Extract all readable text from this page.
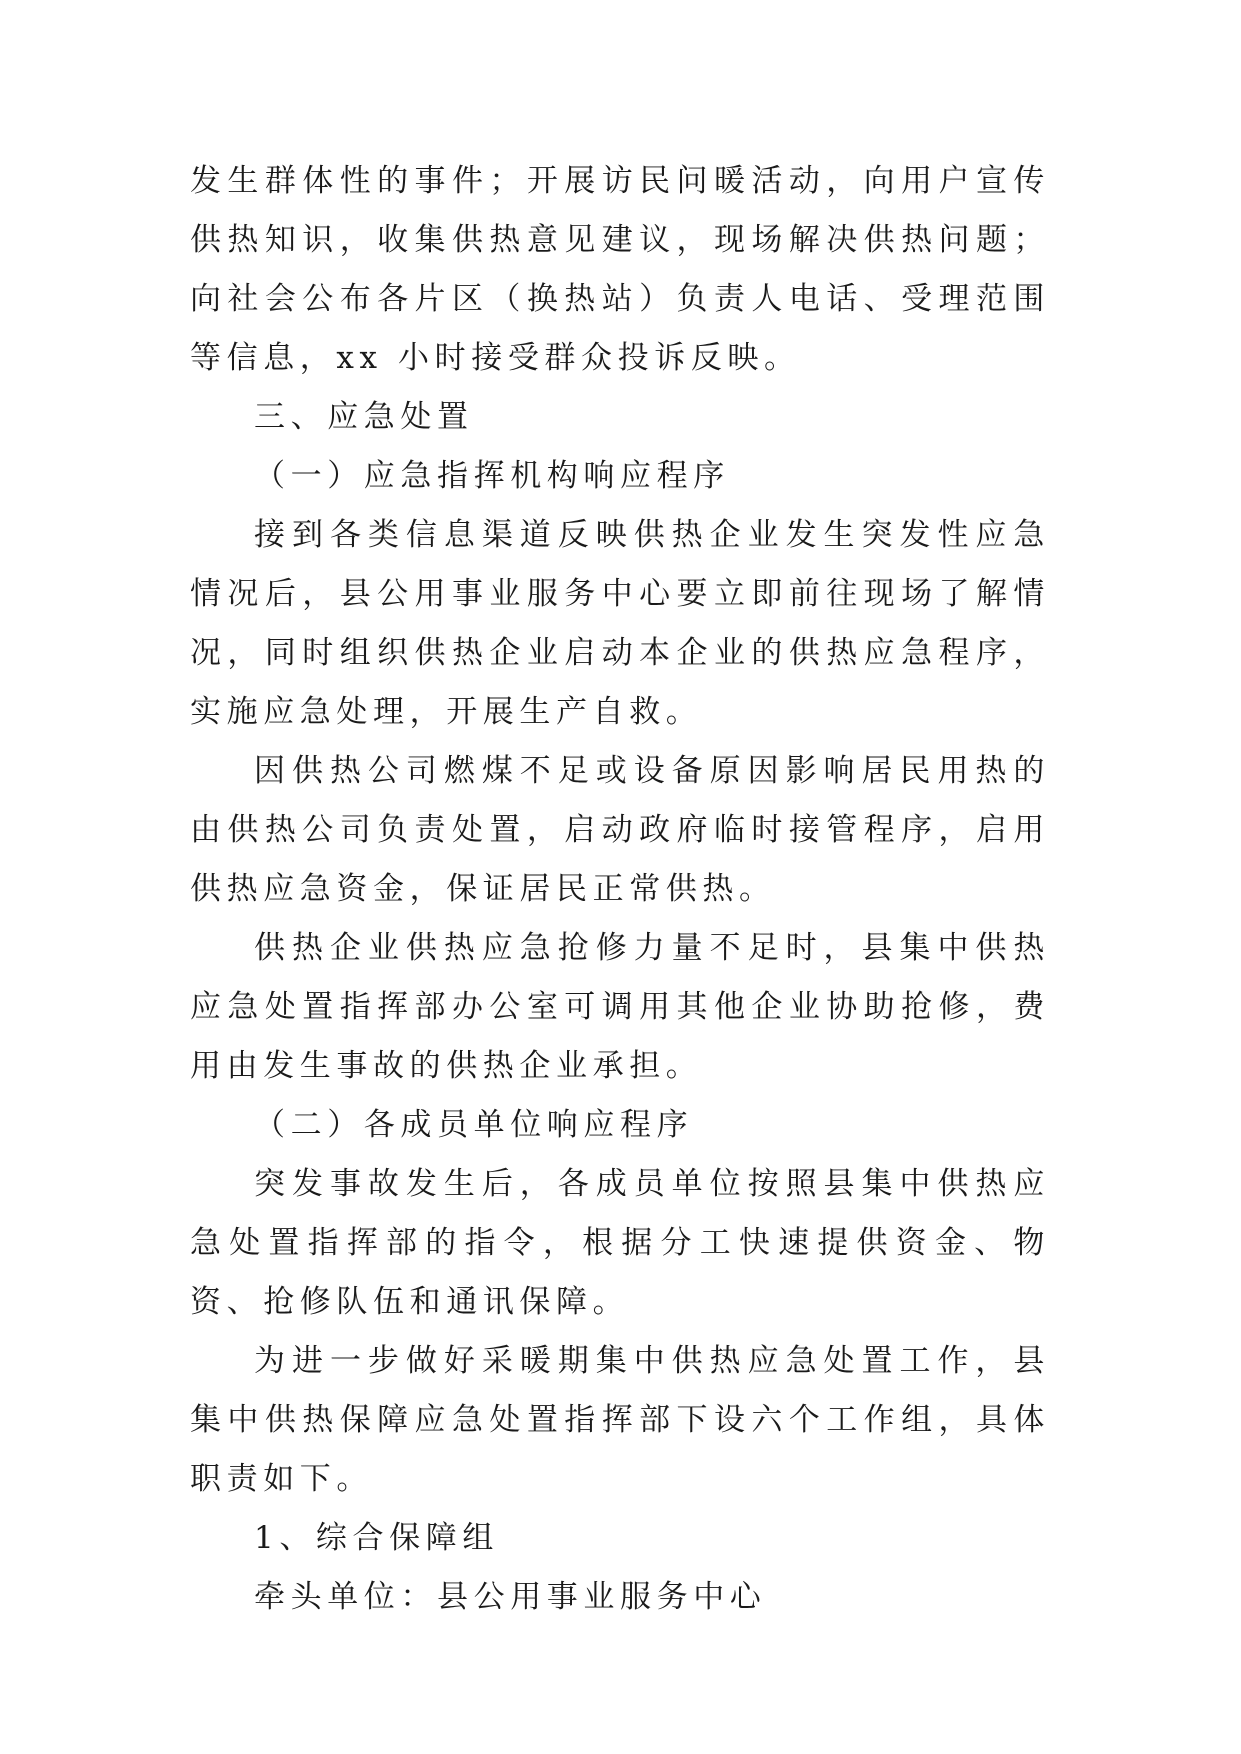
发生群体性的事件；开展访民问暖活动，向用户宣传供热知识，收集供热意见建议，现场解决供热问题；向社会公布各片区（换热站）负责人电话、受理范围等信息，xx 小时接受群众投诉反映。

三、应急处置

（一）应急指挥机构响应程序

接到各类信息渠道反映供热企业发生突发性应急情况后，县公用事业服务中心要立即前往现场了解情况，同时组织供热企业启动本企业的供热应急程序，实施应急处理，开展生产自救。

因供热公司燃煤不足或设备原因影响居民用热的由供热公司负责处置，启动政府临时接管程序，启用供热应急资金，保证居民正常供热。

供热企业供热应急抢修力量不足时，县集中供热应急处置指挥部办公室可调用其他企业协助抢修，费用由发生事故的供热企业承担。

（二）各成员单位响应程序

突发事故发生后，各成员单位按照县集中供热应急处置指挥部的指令，根据分工快速提供资金、物资、抢修队伍和通讯保障。

为进一步做好采暖期集中供热应急处置工作，县集中供热保障应急处置指挥部下设六个工作组，具体职责如下。

1、综合保障组

牵头单位：县公用事业服务中心
